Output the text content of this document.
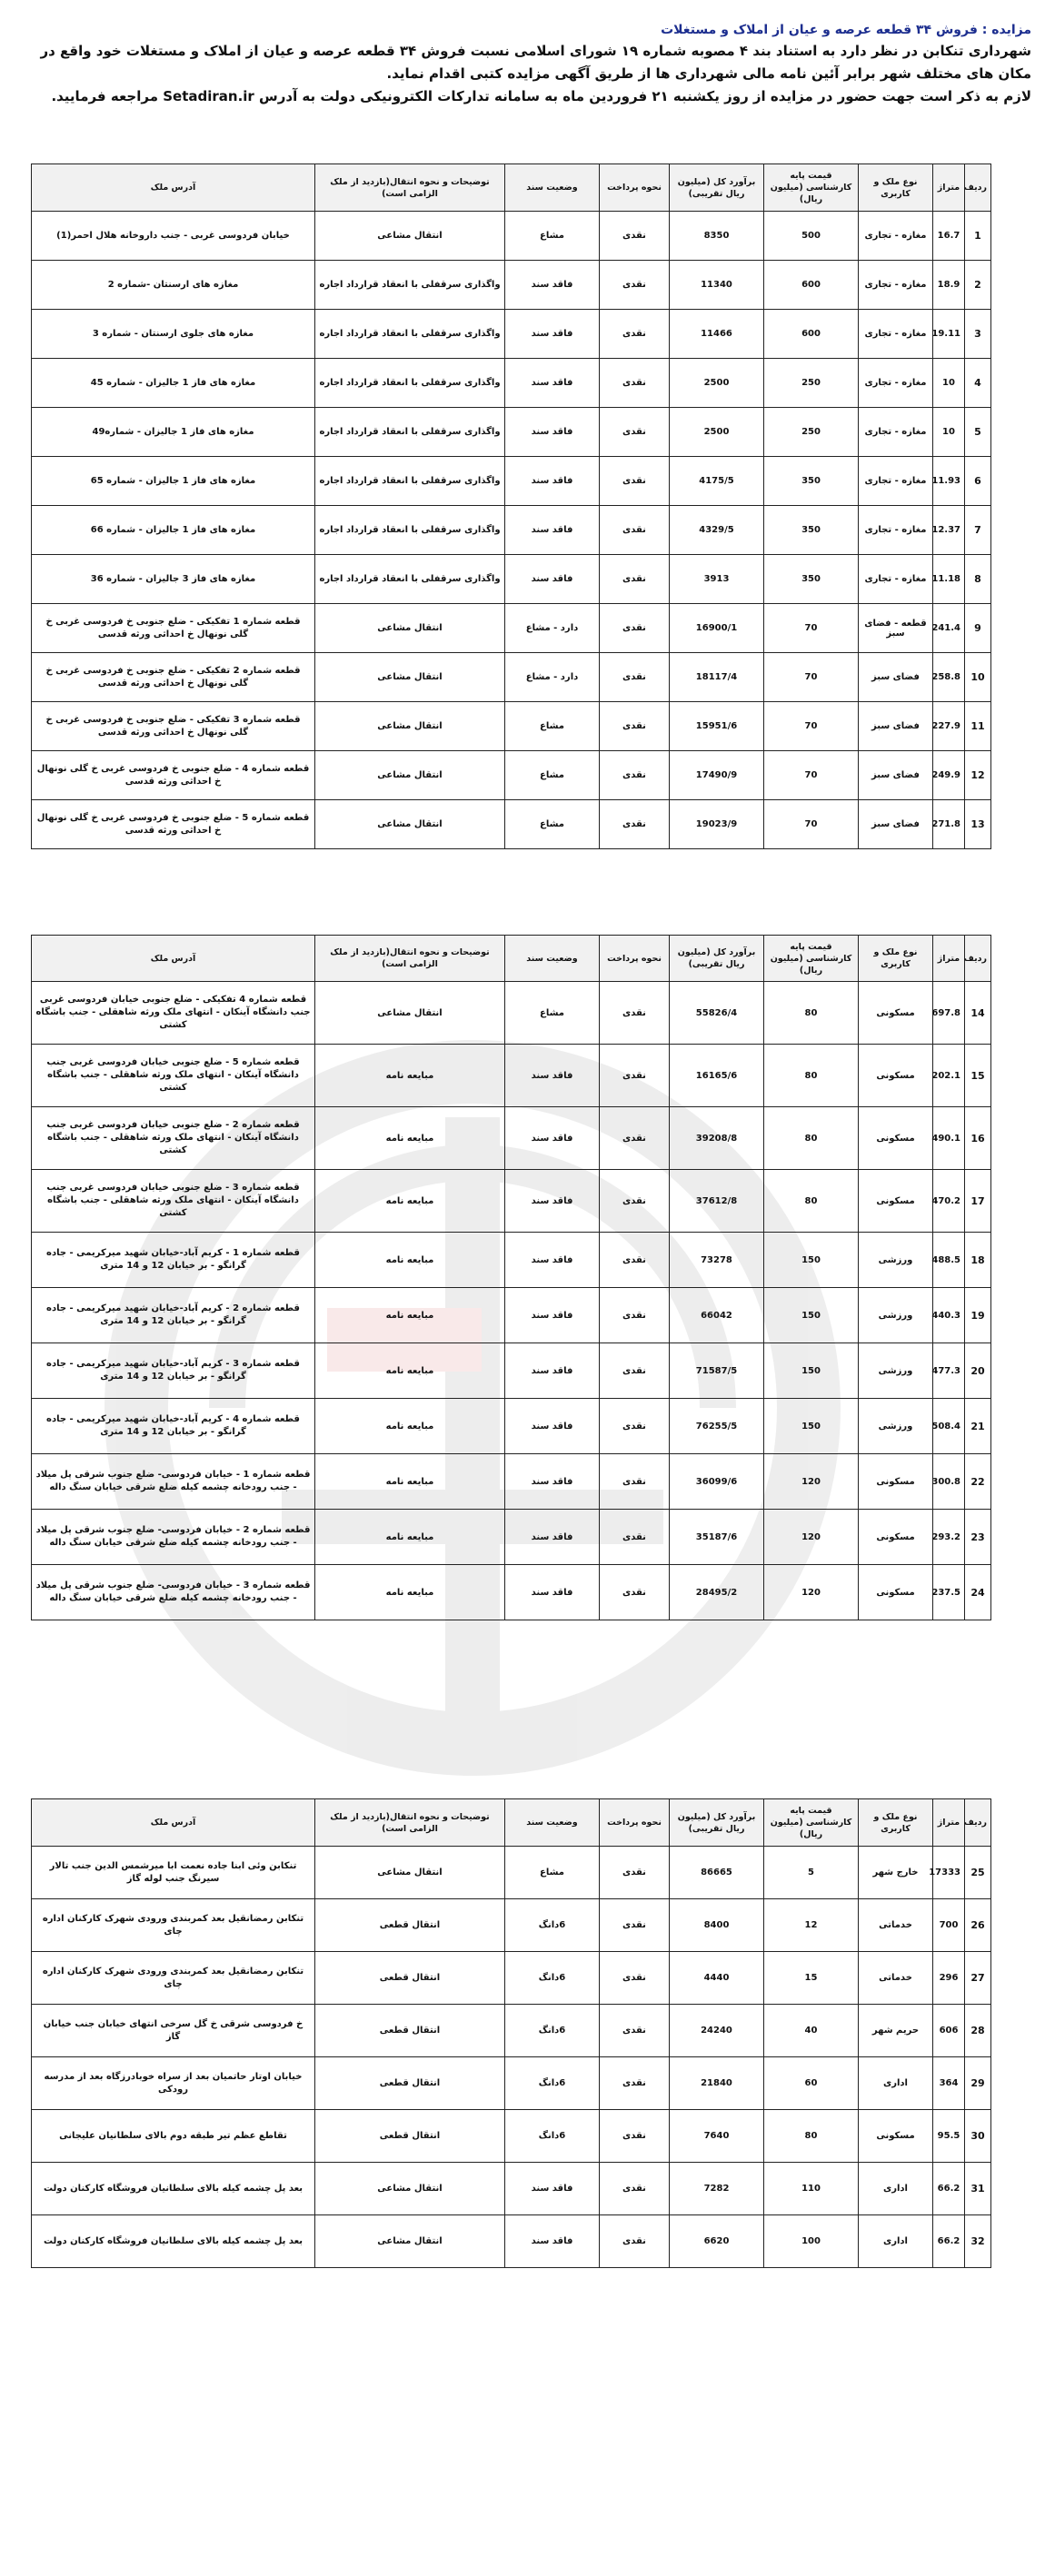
مزایده : فروش ۳۴ قطعه عرصه و عیان از املاک و مستغلات

شهرداری تنکابن در نظر دارد به استناد بند ۴ مصوبه شماره ۱۹ شورای اسلامی نسبت فروش ۳۴ قطعه عرصه و عیان از املاک و مستغلات خود واقع در مکان های مختلف شهر برابر آئین نامه مالی شهرداری ها از طریق آگهی مزایده کتبی اقدام نماید.

لازم به ذکر است جهت حضور در مزایده از روز یکشنبه ۲۱ فروردین ماه به سامانه تدارکات الکترونیکی دولت به آدرس Setadiran.ir مراجعه فرمایید.

ردیف	متراژ	نوع ملک و کاربری	قیمت پایه کارشناسی (میلیون ریال)	برآورد کل (میلیون ریال تقریبی)	نحوه پرداخت	وضعیت سند	توضیحات و نحوه انتقال(بازدید از ملک الزامی است)	آدرس ملک
1	16.7	مغازه - تجاری	500	8350	نقدی	مشاع	انتقال مشاعی	خیابان فردوسی غربی - جنب داروخانه هلال احمر(1)
2	18.9	مغازه - تجاری	600	11340	نقدی	فاقد سند	واگذاری سرقفلی با انعقاد قرارداد اجاره	مغازه های ارسنتان -شماره 2
3	19.11	مغازه - تجاری	600	11466	نقدی	فاقد سند	واگذاری سرقفلی با انعقاد قرارداد اجاره	مغازه های جلوی ارسنتان - شماره 3
4	10	مغازه - تجاری	250	2500	نقدی	فاقد سند	واگذاری سرقفلی با انعقاد قرارداد اجاره	مغازه های فاز 1 جالیزان - شماره 45
5	10	مغازه - تجاری	250	2500	نقدی	فاقد سند	واگذاری سرقفلی با انعقاد قرارداد اجاره	مغازه های فاز 1 جالیزان - شماره49
6	11.93	مغازه - تجاری	350	4175/5	نقدی	فاقد سند	واگذاری سرقفلی با انعقاد قرارداد اجاره	مغازه های فاز 1 جالیزان - شماره 65
7	12.37	مغازه - تجاری	350	4329/5	نقدی	فاقد سند	واگذاری سرقفلی با انعقاد قرارداد اجاره	مغازه های فاز 1 جالیزان - شماره 66
8	11.18	مغازه - تجاری	350	3913	نقدی	فاقد سند	واگذاری سرقفلی با انعقاد قرارداد اجاره	مغازه های فاز 3 جالیزان - شماره 36
9	241.4	قطعه - فضای سبز	70	16900/1	نقدی	دارد - مشاع	انتقال مشاعی	قطعه شماره 1 تفکیکی - ضلع جنوبی خ فردوسی غربی خ گلی نونهال خ احداثی ورثه قدسی
10	258.8	فضای سبز	70	18117/4	نقدی	دارد - مشاع	انتقال مشاعی	قطعه شماره 2 تفکیکی - ضلع جنوبی خ فردوسی غربی خ گلی نونهال خ احداثی ورثه قدسی
11	227.9	فضای سبز	70	15951/6	نقدی	مشاع	انتقال مشاعی	قطعه شماره 3 تفکیکی - ضلع جنوبی خ فردوسی غربی خ گلی نونهال خ احداثی ورثه قدسی
12	249.9	فضای سبز	70	17490/9	نقدی	مشاع	انتقال مشاعی	قطعه شماره 4 - ضلع جنوبی خ فردوسی غربی خ گلی نونهال خ احداثی ورثه قدسی
13	271.8	فضای سبز	70	19023/9	نقدی	مشاع	انتقال مشاعی	قطعه شماره 5 - ضلع جنوبی خ فردوسی غربی خ گلی نونهال خ احداثی ورثه قدسی
ردیف	متراژ	نوع ملک و کاربری	قیمت پایه کارشناسی (میلیون ریال)	برآورد کل (میلیون ریال تقریبی)	نحوه پرداخت	وضعیت سند	توضیحات و نحوه انتقال(بازدید از ملک الزامی است)	آدرس ملک
14	697.8	مسکونی	80	55826/4	نقدی	مشاع	انتقال مشاعی	قطعه شماره 4 تفکیکی - ضلع جنوبی خیابان فردوسی غربی جنب دانشگاه آینکان - انتهای ملک ورثه شاهقلی - جنب باشگاه کشتی
15	202.1	مسکونی	80	16165/6	نقدی	فاقد سند	مبایعه نامه	قطعه شماره 5 - ضلع جنوبی خیابان فردوسی غربی جنب دانشگاه آینکان - انتهای ملک ورثه شاهقلی - جنب باشگاه کشتی
16	490.1	مسکونی	80	39208/8	نقدی	فاقد سند	مبایعه نامه	قطعه شماره 2 - ضلع جنوبی خیابان فردوسی غربی جنب دانشگاه آینکان - انتهای ملک ورثه شاهقلی - جنب باشگاه کشتی
17	470.2	مسکونی	80	37612/8	نقدی	فاقد سند	مبایعه نامه	قطعه شماره 3 - ضلع جنوبی خیابان فردوسی غربی جنب دانشگاه آینکان - انتهای ملک ورثه شاهقلی - جنب باشگاه کشتی
18	488.5	ورزشی	150	73278	نقدی	فاقد سند	مبایعه نامه	قطعه شماره 1 - کریم آباد-خیابان شهید میرکریمی - جاده گرانگو - بر خیابان 12 و 14 متری
19	440.3	ورزشی	150	66042	نقدی	فاقد سند	مبایعه نامه	قطعه شماره 2 - کریم آباد-خیابان شهید میرکریمی - جاده گرانگو - بر خیابان 12 و 14 متری
20	477.3	ورزشی	150	71587/5	نقدی	فاقد سند	مبایعه نامه	قطعه شماره 3 - کریم آباد-خیابان شهید میرکریمی - جاده گرانگو - بر خیابان 12 و 14 متری
21	508.4	ورزشی	150	76255/5	نقدی	فاقد سند	مبایعه نامه	قطعه شماره 4 - کریم آباد-خیابان شهید میرکریمی - جاده گرانگو - بر خیابان 12 و 14 متری
22	300.8	مسکونی	120	36099/6	نقدی	فاقد سند	مبایعه نامه	قطعه شماره 1 - خیابان فردوسی- ضلع جنوب شرقی پل میلاد - جنب رودخانه چشمه کیله ضلع شرقی خیابان سنگ داله
23	293.2	مسکونی	120	35187/6	نقدی	فاقد سند	مبایعه نامه	قطعه شماره 2 - خیابان فردوسی- ضلع جنوب شرقی پل میلاد - جنب رودخانه چشمه کیله ضلع شرقی خیابان سنگ داله
24	237.5	مسکونی	120	28495/2	نقدی	فاقد سند	مبایعه نامه	قطعه شماره 3 - خیابان فردوسی- ضلع جنوب شرقی پل میلاد - جنب رودخانه چشمه کیله ضلع شرقی خیابان سنگ داله
ردیف	متراژ	نوع ملک و کاربری	قیمت پایه کارشناسی (میلیون ریال)	برآورد کل (میلیون ریال تقریبی)	نحوه پرداخت	وضعیت سند	توضیحات و نحوه انتقال(بازدید از ملک الزامی است)	آدرس ملک
25	17333	خارج شهر	5	86665	نقدی	مشاع	انتقال مشاعی	تنکابن وئی ابنا جاده نعمت ابا میرشمس الدین جنب تالار سیرنگ جنب لوله گاز
26	700	خدماتی	12	8400	نقدی	6دانگ	انتقال قطعی	تنکابن رمضانقیل بعد کمربندی ورودی شهرک کارکنان اداره چای
27	296	خدماتی	15	4440	نقدی	6دانگ	انتقال قطعی	تنکابن رمضانقیل بعد کمربندی ورودی شهرک کارکنان اداره چای
28	606	حریم شهر	40	24240	نقدی	6دانگ	انتقال قطعی	خ فردوسی شرقی خ گل سرخی انتهای خیابان جنب خیابان گاز
29	364	اداری	60	21840	نقدی	6دانگ	انتقال قطعی	خیابان اوتار حاتمیان بعد از سراه خوبادرزگاه بعد از مدرسه رودکی
30	95.5	مسکونی	80	7640	نقدی	6دانگ	انتقال قطعی	تقاطع عظم تیر طبقه دوم بالای سلطانیان علیجانی
31	66.2	اداری	110	7282	نقدی	فاقد سند	انتقال مشاعی	بعد پل چشمه کیله بالای سلطانیان فروشگاه کارکنان دولت
32	66.2	اداری	100	6620	نقدی	فاقد سند	انتقال مشاعی	بعد پل چشمه کیله بالای سلطانیان فروشگاه کارکنان دولت
